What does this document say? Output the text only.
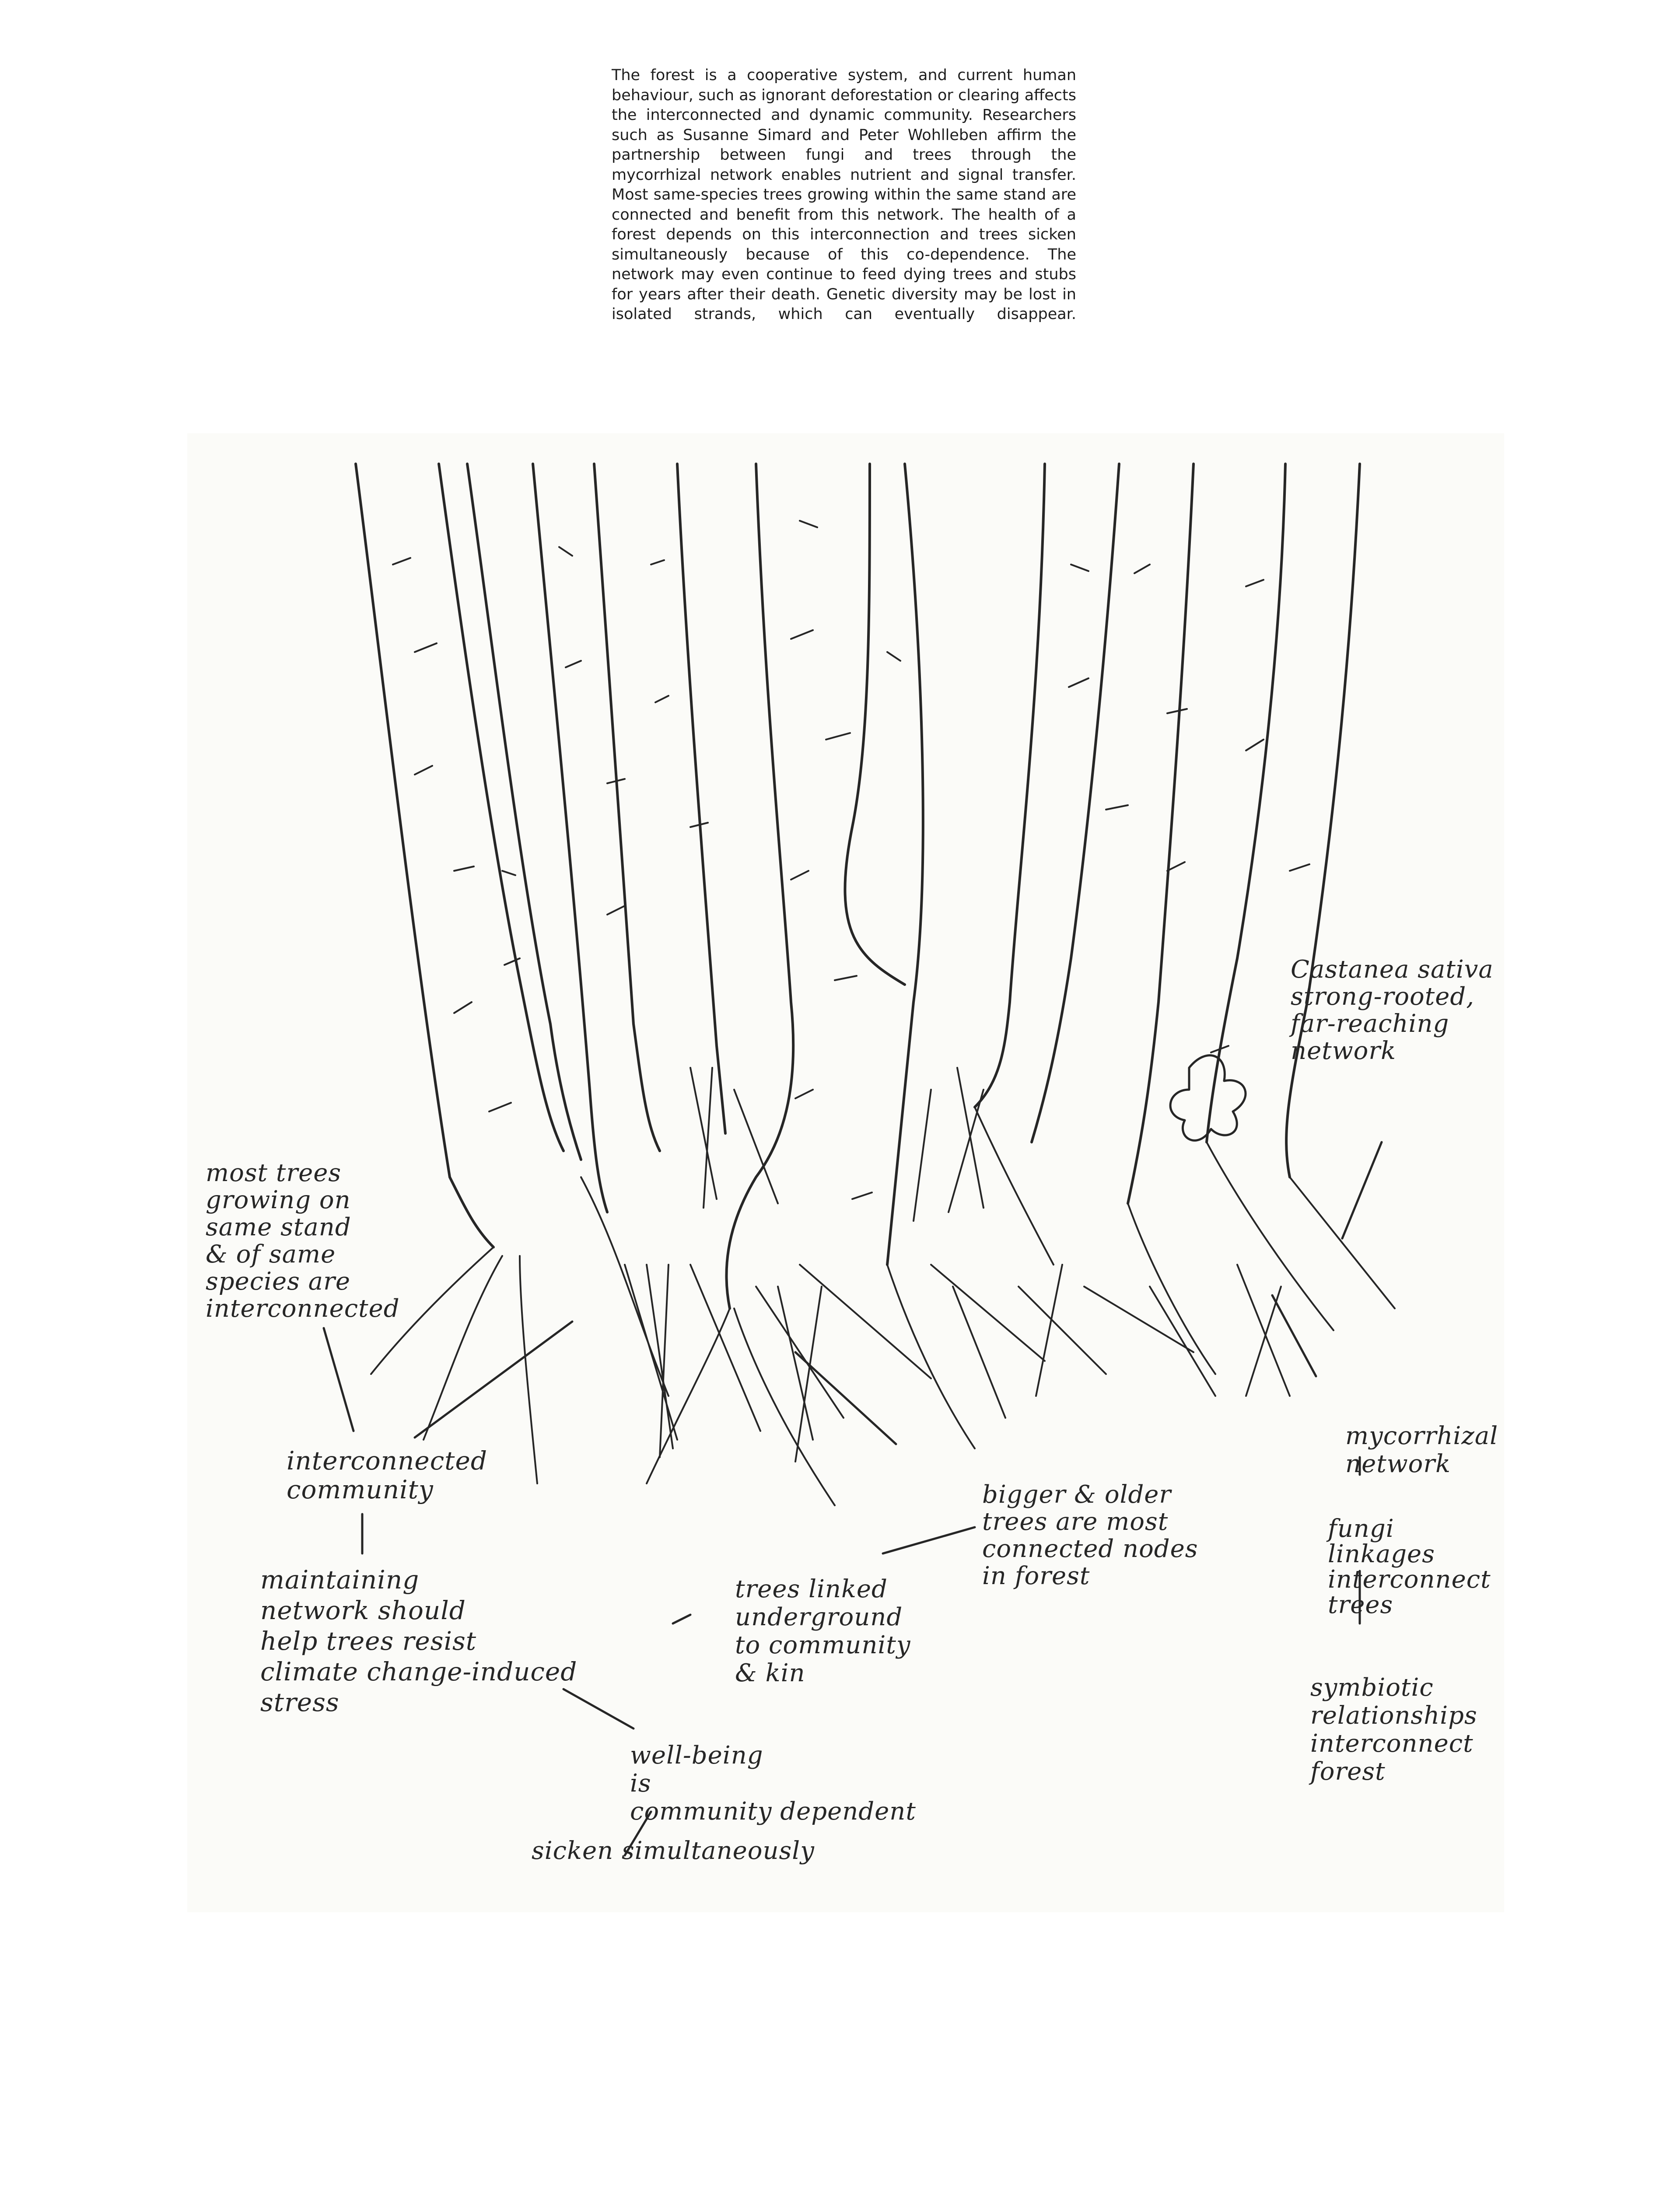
The forest is a cooperative system, and current human behaviour, such as ignorant deforestation or clearing affects the interconnected and dynamic community. Researchers such as Susanne Simard and Peter Wohlleben affirm the partnership between fungi and trees through the mycorrhizal network enables nutrient and signal transfer. Most same-species trees growing within the same stand are connected and benefit from this network. The health of a forest depends on this interconnection and trees sicken simultaneously because of this co-dependence. The network may even continue to feed dying trees and stubs for years after their death. Genetic diversity may be lost in isolated strands, which can eventually disappear.

Castanea sativa
strong-rooted,
far-reaching
network
most trees
growing on
same stand
& of same
species are
interconnected
interconnected
community
maintaining
network should
help trees resist
climate change-induced
stress
bigger & older
trees are most
connected nodes
in forest
trees linked
underground
to community
& kin
well-being
is
community dependent
sicken simultaneously
mycorrhizal
network
fungi
linkages
interconnect
trees
symbiotic
relationships
interconnect
forest
